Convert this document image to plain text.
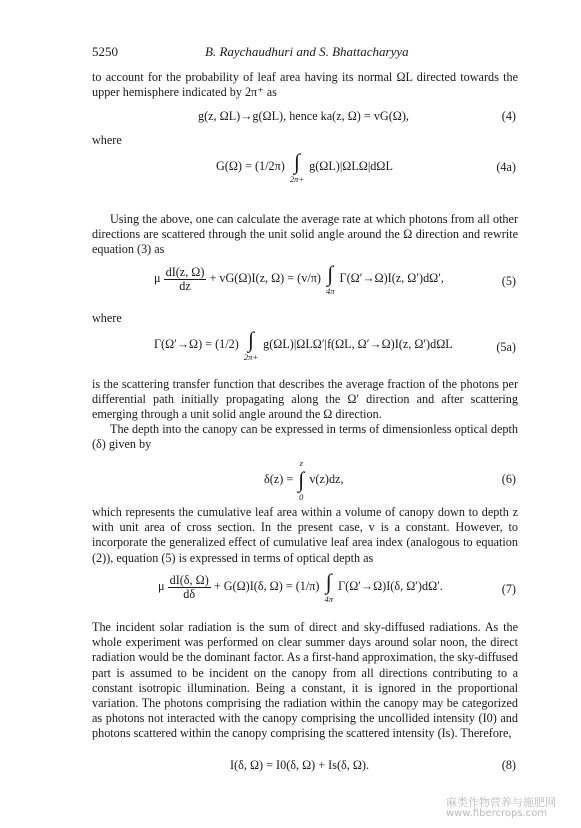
5250	B. Raychaudhuri and S. Bhattacharyya
to account for the probability of leaf area having its normal ΩL directed towards the upper hemisphere indicated by 2π⁺ as
g(z, ΩL)→g(ΩL), hence ka(z, Ω) = vG(Ω),	(4)
where
G(Ω) = (1/2π) ∫
2π+
g(ΩL)|ΩLΩ|dΩL	(4a)
Using the above, one can calculate the average rate at which photons from all other directions are scattered through the unit solid angle around the Ω direction and rewrite equation (3) as
μ $\frac{dI(z, \Omega)}{dz} + vG(\Omega)I(z$, Ω) = (v/π) ∫
4π
Γ(Ω′→Ω)I(z, Ω′)dΩ′,	(5)
where
Γ(Ω′→Ω) = (1/2) ∫
2π+
g(ΩL)|ΩLΩ′|f(ΩL, Ω′→Ω)I(z, Ω′)dΩL	(5a)
is the scattering transfer function that describes the average fraction of the photons per differential path initially propagating along the Ω′ direction and after scattering emerging through a unit solid angle around the Ω direction.
The depth into the canopy can be expressed in terms of dimensionless optical depth (δ) given by
δ(z) =
z
∫
0
v(z)dz,	(6)
which represents the cumulative leaf area within a volume of canopy down to depth z with unit area of cross section. In the present case, v is a constant. However, to incorporate the generalized effect of cumulative leaf area index (analogous to equation (2)), equation (5) is expressed in terms of optical depth as
μ $\frac{dI(\delta, \Omega)}{d\delta} + G(\Omega)I(\delta$, Ω) = (1/π) ∫
4π
Γ(Ω′→Ω)I(δ, Ω′)dΩ′.	(7)
The incident solar radiation is the sum of direct and sky-diffused radiations. As the whole experiment was performed on clear summer days around solar noon, the direct radiation would be the dominant factor. As a first-hand approximation, the sky-diffused part is assumed to be incident on the canopy from all directions contributing to a constant isotropic illumination. Being a constant, it is ignored in the proportional variation. The photons comprising the radiation within the canopy may be categorized as photons not interacted with the canopy comprising the uncollided intensity (I0) and photons scattered within the canopy comprising the scattered intensity (Is). Therefore,
I(δ, Ω) = I0(δ, Ω) + Is(δ, Ω).	(8)
麻类作物营养与施肥网
www.fibercrops.com
